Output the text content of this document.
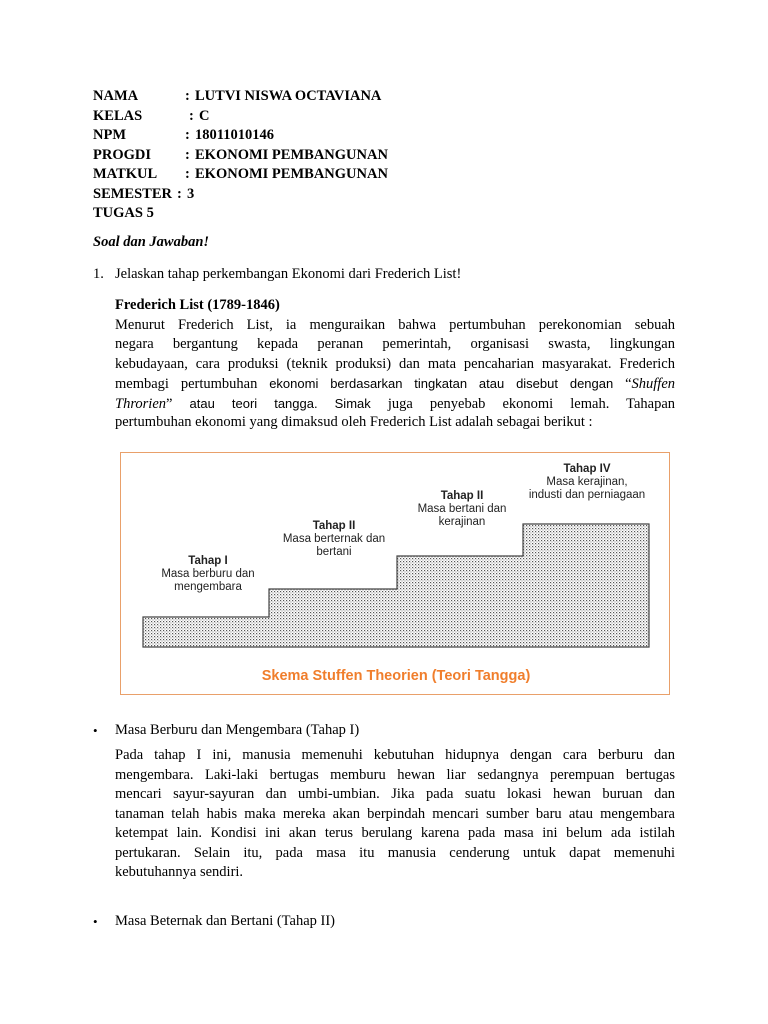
NAMA	: LUTVI NISWA OCTAVIANA
KELAS	: C
NPM	: 18011010146
PROGDI : EKONOMI PEMBANGUNAN
MATKUL : EKONOMI PEMBANGUNAN
SEMESTER : 3
TUGAS 5
Soal dan Jawaban!
1. Jelaskan tahap perkembangan Ekonomi dari Frederich List!
Frederich List (1789-1846)
Menurut Frederich List, ia menguraikan bahwa pertumbuhan perekonomian sebuah
negara bergantung kepada peranan pemerintah, organisasi swasta, lingkungan
kebudayaan, cara produksi (teknik produksi) dan mata pencaharian masyarakat. Frederich
membagi pertumbuhan ekonomi berdasarkan tingkatan atau disebut dengan “Shuffen
Throrien” atau teori tangga. Simak juga penyebab ekonomi lemah. Tahapan
pertumbuhan ekonomi yang dimaksud oleh Frederich List adalah sebagai berikut :
Tahap I
Masa berburu dan
mengembara
Tahap II
Masa berternak dan
bertani
Tahap II
Masa bertani dan
kerajinan
Tahap IV
Masa kerajinan,
industi dan perniagaan
Skema Stuffen Theorien (Teori Tangga)
• Masa Berburu dan Mengembara (Tahap I)
Pada tahap I ini, manusia memenuhi kebutuhan hidupnya dengan cara berburu dan
mengembara. Laki-laki bertugas memburu hewan liar sedangnya perempuan bertugas
mencari sayur-sayuran dan umbi-umbian. Jika pada suatu lokasi hewan buruan dan
tanaman telah habis maka mereka akan berpindah mencari sumber baru atau mengembara
ketempat lain. Kondisi ini akan terus berulang karena pada masa ini belum ada istilah
pertukaran. Selain itu, pada masa itu manusia cenderung untuk dapat memenuhi
kebutuhannya sendiri.
• Masa Beternak dan Bertani (Tahap II)
